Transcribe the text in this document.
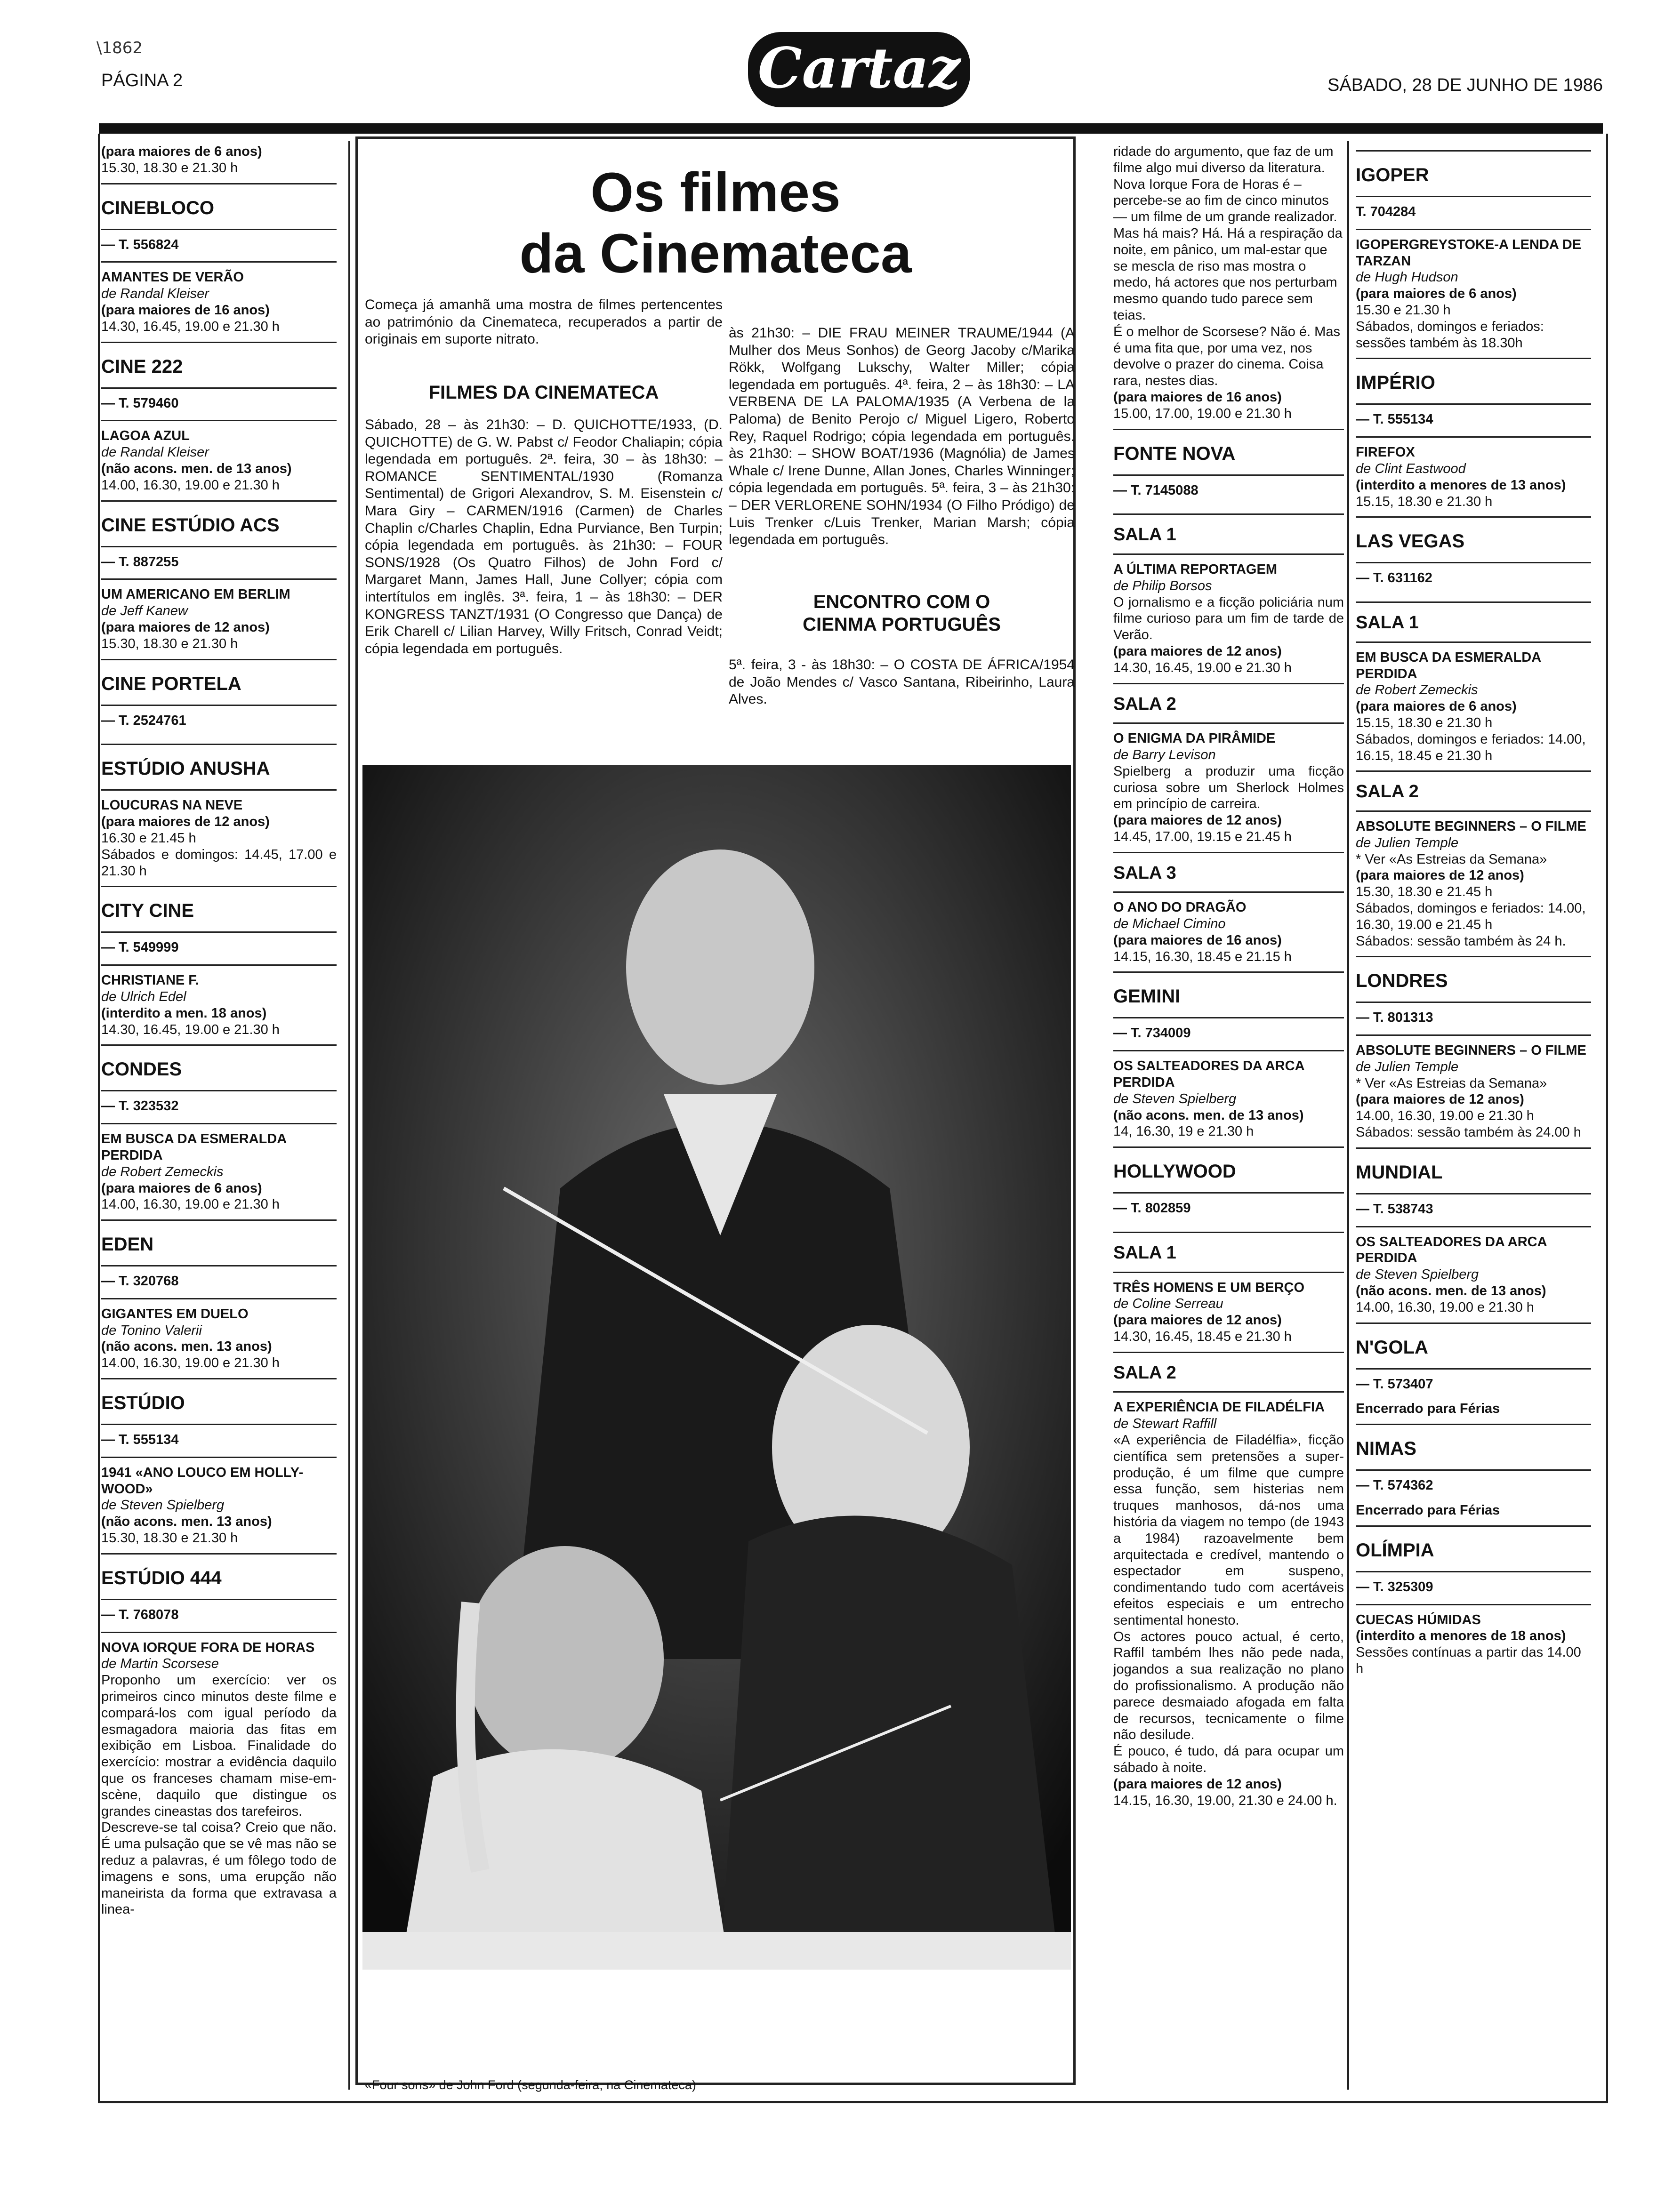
\1862
PÁGINA 2	Cartaz	SÁBADO, 28 DE JUNHO DE 1986
(para maiores de 6 anos)
15.30, 18.30 e 21.30 h
CINEBLOCO
— T. 556824
AMANTES DE VERÃO
de Randal Kleiser
(para maiores de 16 anos)
14.30, 16.45, 19.00 e 21.30 h
CINE 222
— T. 579460
LAGOA AZUL
de Randal Kleiser
(não acons. men. de 13 anos)
14.00, 16.30, 19.00 e 21.30 h
CINE ESTÚDIO ACS
— T. 887255
UM AMERICANO EM BERLIM
de Jeff Kanew
(para maiores de 12 anos)
15.30, 18.30 e 21.30 h
CINE PORTELA
— T. 2524761
ESTÚDIO ANUSHA
LOUCURAS NA NEVE
(para maiores de 12 anos)
16.30 e 21.45 h
Sábados e domingos: 14.45, 17.00 e 21.30 h
CITY CINE
— T. 549999
CHRISTIANE F.
de Ulrich Edel
(interdito a men. 18 anos)
14.30, 16.45, 19.00 e 21.30 h
CONDES
— T. 323532
EM BUSCA DA ESMERALDA PERDIDA
de Robert Zemeckis
(para maiores de 6 anos)
14.00, 16.30, 19.00 e 21.30 h
EDEN
— T. 320768
GIGANTES EM DUELO
de Tonino Valerii
(não acons. men. 13 anos)
14.00, 16.30, 19.00 e 21.30 h
ESTÚDIO
— T. 555134
1941 «ANO LOUCO EM HOLLY-WOOD»
de Steven Spielberg
(não acons. men. 13 anos)
15.30, 18.30 e 21.30 h
ESTÚDIO 444
— T. 768078
NOVA IORQUE FORA DE HORAS
de Martin Scorsese
Proponho um exercício: ver os primeiros cinco minutos deste filme e compará-los com igual período da esmagadora maioria das fitas em exibição em Lisboa. Finalidade do exercício: mostrar a evidência daquilo que os franceses chamam mise-em-scène, daquilo que distingue os grandes cineastas dos tarefeiros.
Descreve-se tal coisa? Creio que não. É uma pulsação que se vê mas não se reduz a palavras, é um fôlego todo de imagens e sons, uma erupção não maneirista da forma que extravasa a linea-
Os filmes
da Cinemateca
Começa já amanhã uma mostra de filmes pertencentes ao património da Cinemateca, recuperados a partir de originais em suporte nitrato.
FILMES DA CINEMATECA
Sábado, 28 – às 21h30: – D. QUICHOTTE/1933, (D. QUICHOTTE) de G. W. Pabst c/ Feodor Chaliapin; cópia legendada em português. 2ª. feira, 30 – às 18h30: – ROMANCE SENTIMENTAL/1930 (Romanza Sentimental) de Grigori Alexandrov, S. M. Eisenstein c/ Mara Giry – CARMEN/1916 (Carmen) de Charles Chaplin c/Charles Chaplin, Edna Purviance, Ben Turpin; cópia legendada em português. às 21h30: – FOUR SONS/1928 (Os Quatro Filhos) de John Ford c/ Margaret Mann, James Hall, June Collyer; cópia com intertítulos em inglês. 3ª. feira, 1 – às 18h30: – DER KONGRESS TANZT/1931 (O Congresso que Dança) de Erik Charell c/ Lilian Harvey, Willy Fritsch, Conrad Veidt; cópia legendada em português.
às 21h30: – DIE FRAU MEINER TRAUME/1944 (A Mulher dos Meus Sonhos) de Georg Jacoby c/Marika Rökk, Wolfgang Lukschy, Walter Miller; cópia legendada em português. 4ª. feira, 2 – às 18h30: – LA VERBENA DE LA PALOMA/1935 (A Verbena de la Paloma) de Benito Perojo c/ Miguel Ligero, Roberto Rey, Raquel Rodrigo; cópia legendada em português. às 21h30: – SHOW BOAT/1936 (Magnólia) de James Whale c/ Irene Dunne, Allan Jones, Charles Winninger; cópia legendada em português. 5ª. feira, 3 – às 21h30: – DER VERLORENE SOHN/1934 (O Filho Pródigo) de Luis Trenker c/Luis Trenker, Marian Marsh; cópia legendada em português.
ENCONTRO COM O
CIENMA PORTUGUÊS
5ª. feira, 3 - às 18h30: – O COSTA DE ÁFRICA/1954 de João Mendes c/ Vasco Santana, Ribeirinho, Laura Alves.
«Four sons» de John Ford (segunda-feira, na Cinemateca)
ridade do argumento, que faz de um filme algo mui diverso da literatura. Nova Iorque Fora de Horas é – percebe-se ao fim de cinco minutos — um filme de um grande realizador. Mas há mais? Há. Há a respiração da noite, em pânico, um mal-estar que se mescla de riso mas mostra o medo, há actores que nos perturbam mesmo quando tudo parece sem teias.
É o melhor de Scorsese? Não é. Mas é uma fita que, por uma vez, nos devolve o prazer do cinema. Coisa rara, nestes dias.
(para maiores de 16 anos)
15.00, 17.00, 19.00 e 21.30 h
FONTE NOVA
— T. 7145088
SALA 1
A ÚLTIMA REPORTAGEM
de Philip Borsos
O jornalismo e a ficção policiária num filme curioso para um fim de tarde de Verão.
(para maiores de 12 anos)
14.30, 16.45, 19.00 e 21.30 h
SALA 2
O ENIGMA DA PIRÂMIDE
de Barry Levison
Spielberg a produzir uma ficção curiosa sobre um Sherlock Holmes em princípio de carreira.
(para maiores de 12 anos)
14.45, 17.00, 19.15 e 21.45 h
SALA 3
O ANO DO DRAGÃO
de Michael Cimino
(para maiores de 16 anos)
14.15, 16.30, 18.45 e 21.15 h
GEMINI
— T. 734009
OS SALTEADORES DA ARCA PERDIDA
de Steven Spielberg
(não acons. men. de 13 anos)
14, 16.30, 19 e 21.30 h
HOLLYWOOD
— T. 802859
SALA 1
TRÊS HOMENS E UM BERÇO
de Coline Serreau
(para maiores de 12 anos)
14.30, 16.45, 18.45 e 21.30 h
SALA 2
A EXPERIÊNCIA DE FILADÉLFIA
de Stewart Raffill
«A experiência de Filadélfia», ficção científica sem pretensões a super-produção, é um filme que cumpre essa função, sem histerias nem truques manhosos, dá-nos uma história da viagem no tempo (de 1943 a 1984) razoavelmente bem arquitectada e credível, mantendo o espectador em suspeno, condimentando tudo com acertáveis efeitos especiais e um entrecho sentimental honesto.
Os actores pouco actual, é certo, Raffil também lhes não pede nada, jogandos a sua realização no plano do profissionalismo. A produção não parece desmaiado afogada em falta de recursos, tecnicamente o filme não desilude.
É pouco, é tudo, dá para ocupar um sábado à noite.
(para maiores de 12 anos)
14.15, 16.30, 19.00, 21.30 e 24.00 h.
IGOPER
T. 704284
IGOPERGREYSTOKE-A LENDA DE TARZAN
de Hugh Hudson
(para maiores de 6 anos)
15.30 e 21.30 h
Sábados, domingos e feriados: sessões também às 18.30h
IMPÉRIO
— T. 555134
FIREFOX
de Clint Eastwood
(interdito a menores de 13 anos)
15.15, 18.30 e 21.30 h
LAS VEGAS
— T. 631162
SALA 1
EM BUSCA DA ESMERALDA PERDIDA
de Robert Zemeckis
(para maiores de 6 anos)
15.15, 18.30 e 21.30 h
Sábados, domingos e feriados: 14.00, 16.15, 18.45 e 21.30 h
SALA 2
ABSOLUTE BEGINNERS – O FILME
de Julien Temple
* Ver «As Estreias da Semana»
(para maiores de 12 anos)
15.30, 18.30 e 21.45 h
Sábados, domingos e feriados: 14.00, 16.30, 19.00 e 21.45 h
Sábados: sessão também às 24 h.
LONDRES
— T. 801313
ABSOLUTE BEGINNERS – O FILME
de Julien Temple
* Ver «As Estreias da Semana»
(para maiores de 12 anos)
14.00, 16.30, 19.00 e 21.30 h
Sábados: sessão também às 24.00 h
MUNDIAL
— T. 538743
OS SALTEADORES DA ARCA PERDIDA
de Steven Spielberg
(não acons. men. de 13 anos)
14.00, 16.30, 19.00 e 21.30 h
N'GOLA
— T. 573407
Encerrado para Férias
NIMAS
— T. 574362
Encerrado para Férias
OLÍMPIA
— T. 325309
CUECAS HÚMIDAS
(interdito a menores de 18 anos)
Sessões contínuas a partir das 14.00 h
